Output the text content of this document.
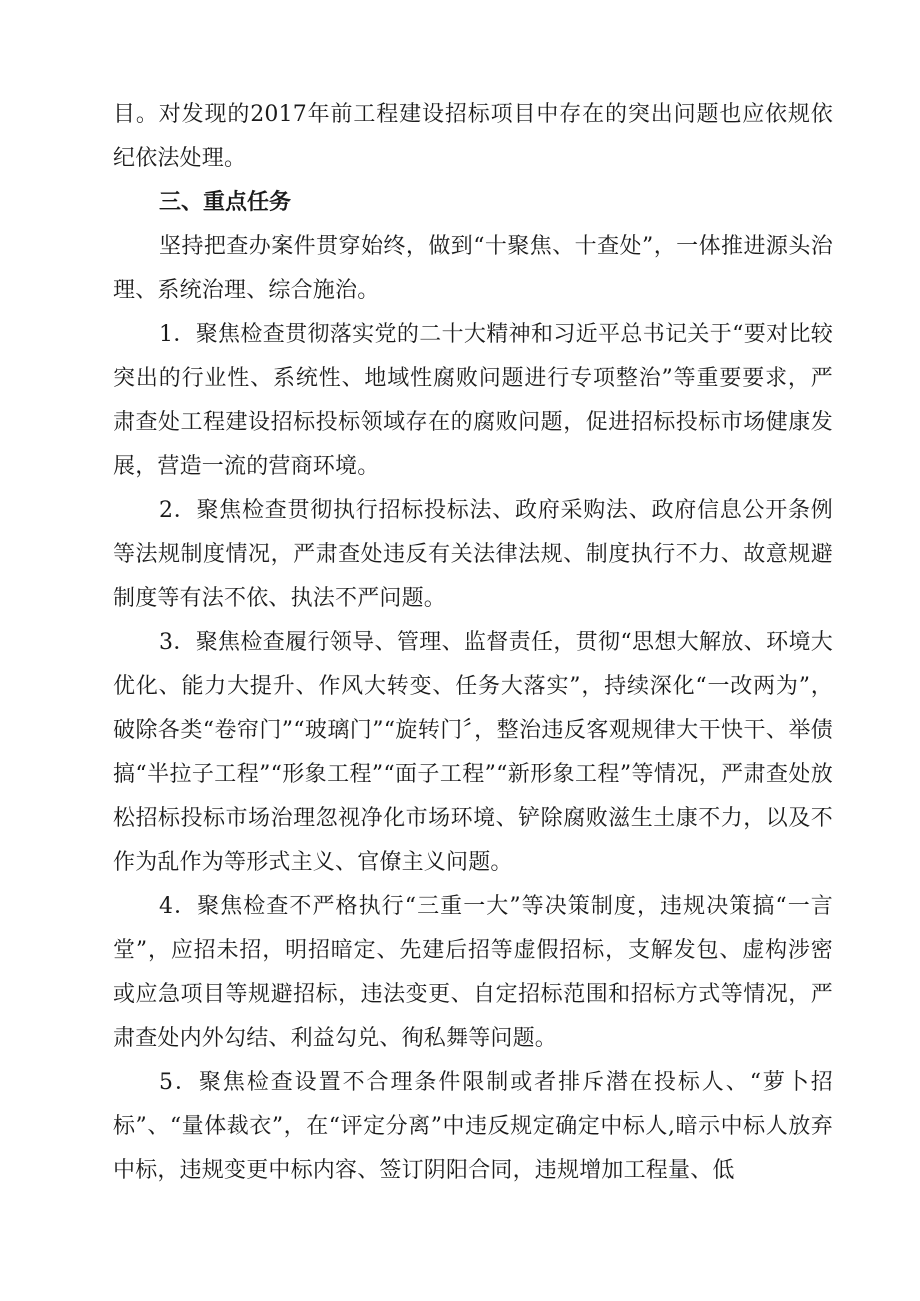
目。对发现的2017年前工程建设招标项目中存在的突出问题也应依规依纪依法处理。

三、重点任务

坚持把查办案件贯穿始终，做到“十聚焦、十查处”，一体推进源头治理、系统治理、综合施治。

1．聚焦检查贯彻落实党的二十大精神和习近平总书记关于“要对比较突出的行业性、系统性、地域性腐败问题进行专项整治”等重要要求，严肃查处工程建设招标投标领域存在的腐败问题，促进招标投标市场健康发展，营造一流的营商环境。

2．聚焦检查贯彻执行招标投标法、政府采购法、政府信息公开条例等法规制度情况，严肃查处违反有关法律法规、制度执行不力、故意规避制度等有法不依、执法不严问题。

3．聚焦检查履行领导、管理、监督责任，贯彻“思想大解放、环境大优化、能力大提升、作风大转变、任务大落实”，持续深化“一改两为”，破除各类“卷帘门”“玻璃门”“旋转门〞，整治违反客观规律大干快干、举债搞“半拉子工程”“形象工程”“面子工程”“新形象工程”等情况，严肃查处放松招标投标市场治理忽视净化市场环境、铲除腐败滋生土康不力，以及不作为乱作为等形式主义、官僚主义问题。

4．聚焦检查不严格执行“三重一大”等决策制度，违规决策搞“一言堂”，应招未招，明招暗定、先建后招等虚假招标，支解发包、虚构涉密或应急项目等规避招标，违法变更、自定招标范围和招标方式等情况，严肃查处内外勾结、利益勾兑、徇私舞等问题。

5．聚焦检查设置不合理条件限制或者排斥潜在投标人、“萝卜招标”、“量体裁衣”，在“评定分离”中违反规定确定中标人,暗示中标人放弃中标，违规变更中标内容、签订阴阳合同，违规增加工程量、低
